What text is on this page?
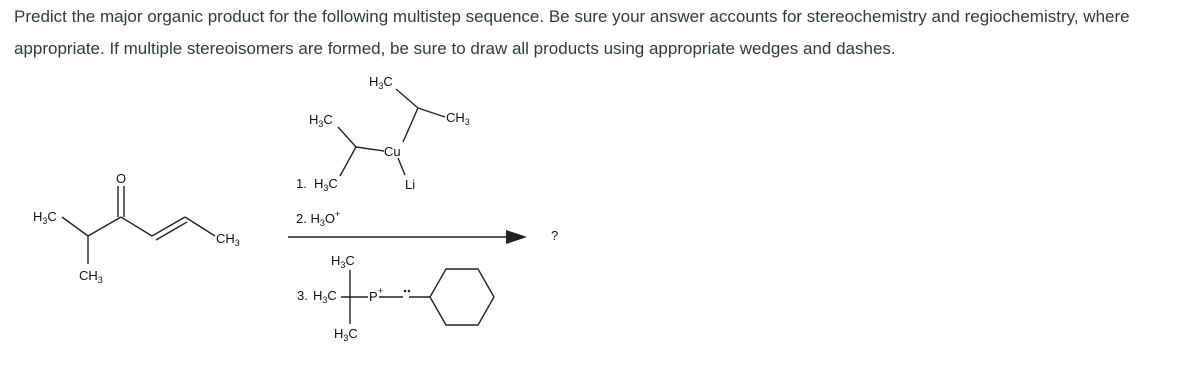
Predict the major organic product for the following multistep sequence. Be sure your answer accounts for stereochemistry and regiochemistry, where appropriate. If multiple stereoisomers are formed, be sure to draw all products using appropriate wedges and dashes.

$H_3C$
$CH_3$
O
$CH_3$
$H_3C$
$CH_3$
Cu
Li
$H_3C$
1. $H_3C$
2. $H_3O^+$
?
$H_3C$
3. $H_3C$
$H_3C$
P +
